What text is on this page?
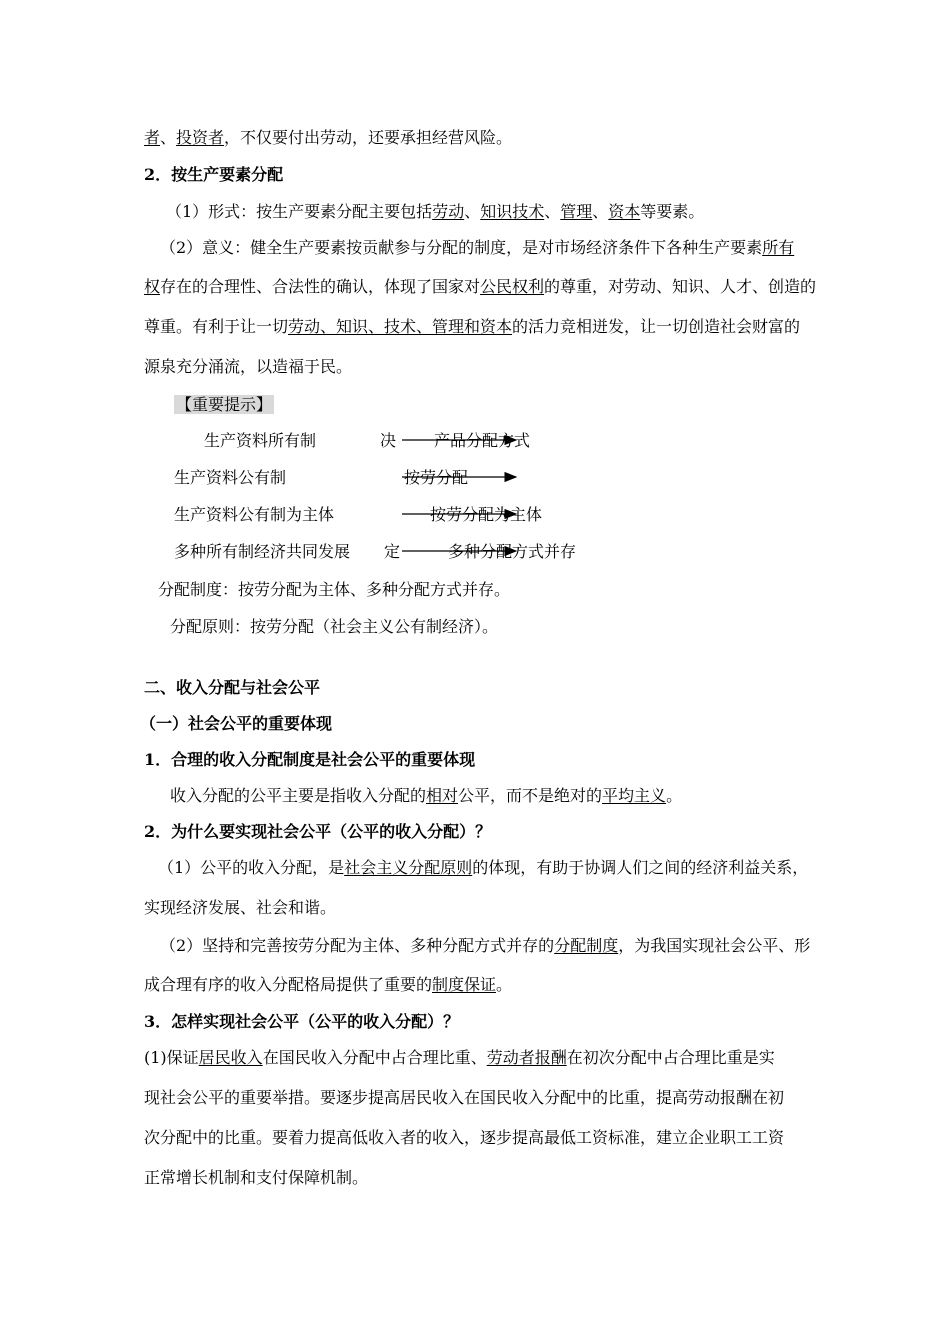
者、投资者，不仅要付出劳动，还要承担经营风险。
2．按生产要素分配
（1）形式：按生产要素分配主要包括劳动、知识技术、管理、资本等要素。
（2）意义：健全生产要素按贡献参与分配的制度，是对市场经济条件下各种生产要素所有
权存在的合理性、合法性的确认，体现了国家对公民权利的尊重，对劳动、知识、人才、创造的
尊重。有利于让一切劳动、知识、技术、管理和资本的活力竞相迸发，让一切创造社会财富的
源泉充分涌流，以造福于民。
【重要提示】
生产资料所有制	决 产品分配方式
生产资料公有制	按劳分配
生产资料公有制为主体	按劳分配为主体
多种所有制经济共同发展 定	多种分配方式并存
分配制度：按劳分配为主体、多种分配方式并存。
分配原则：按劳分配（社会主义公有制经济）。
二、收入分配与社会公平
（一）社会公平的重要体现
1．合理的收入分配制度是社会公平的重要体现
收入分配的公平主要是指收入分配的相对公平，而不是绝对的平均主义。
2．为什么要实现社会公平（公平的收入分配）？
（1）公平的收入分配，是社会主义分配原则的体现，有助于协调人们之间的经济利益关系，
实现经济发展、社会和谐。
（2）坚持和完善按劳分配为主体、多种分配方式并存的分配制度，为我国实现社会公平、形
成合理有序的收入分配格局提供了重要的制度保证。
3．怎样实现社会公平（公平的收入分配）？
(1)保证居民收入在国民收入分配中占合理比重、劳动者报酬在初次分配中占合理比重是实
现社会公平的重要举措。要逐步提高居民收入在国民收入分配中的比重，提高劳动报酬在初
次分配中的比重。要着力提高低收入者的收入，逐步提高最低工资标准，建立企业职工工资
正常增长机制和支付保障机制。
